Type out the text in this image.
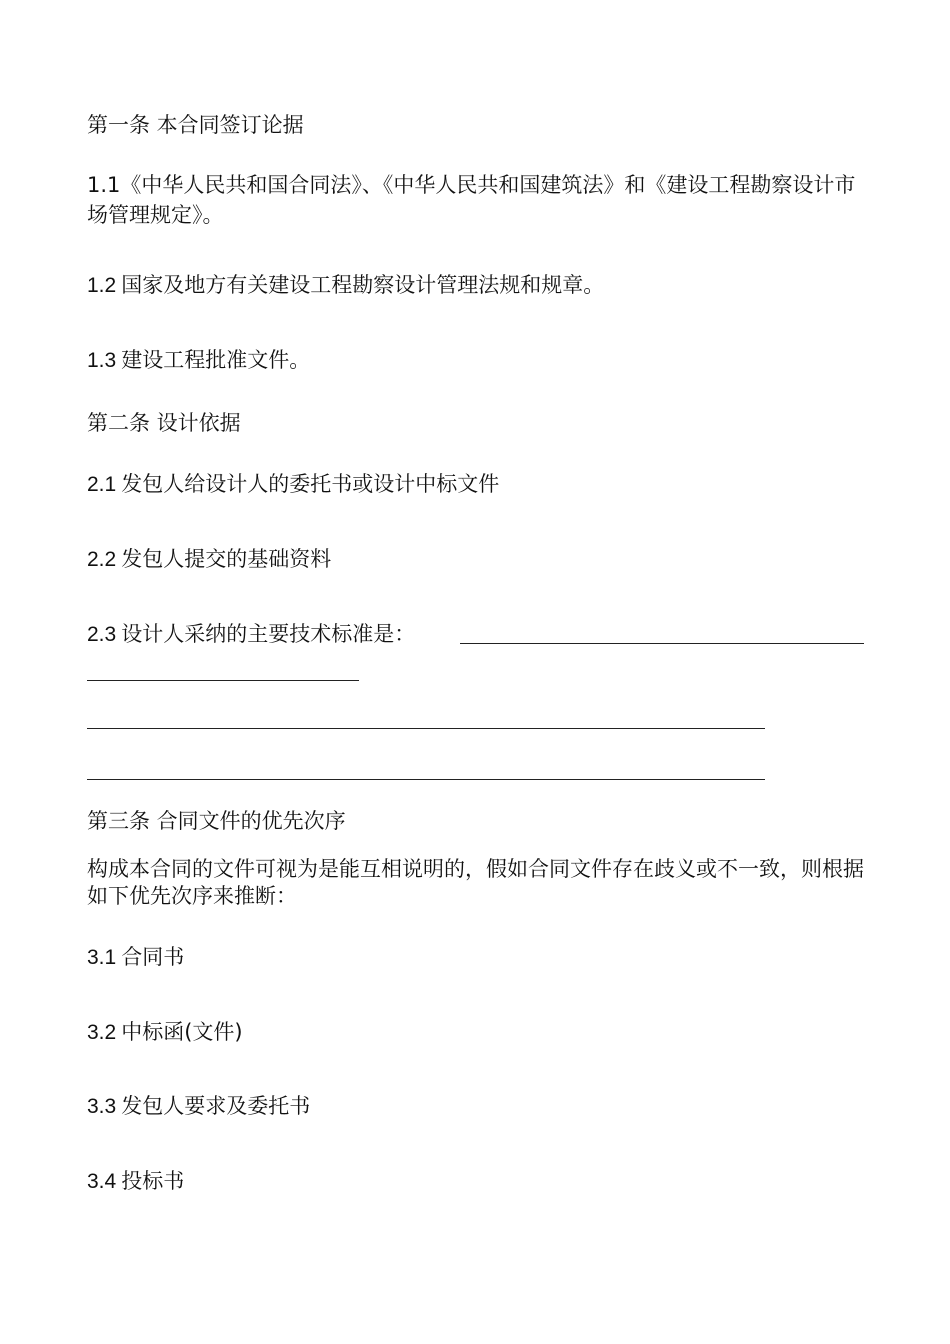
第一条 本合同签订论据
1.1《中华人民共和国合同法》、《中华人民共和国建筑法》和《建设工程勘察设计市场管理规定》。
1.2 国家及地方有关建设工程勘察设计管理法规和规章。
1.3 建设工程批准文件。
第二条 设计依据
2.1 发包人给设计人的委托书或设计中标文件
2.2 发包人提交的基础资料
2.3 设计人采纳的主要技术标准是：
第三条 合同文件的优先次序
构成本合同的文件可视为是能互相说明的，假如合同文件存在歧义或不一致，则根据如下优先次序来推断：
3.1 合同书
3.2 中标函(文件)
3.3 发包人要求及委托书
3.4 投标书
